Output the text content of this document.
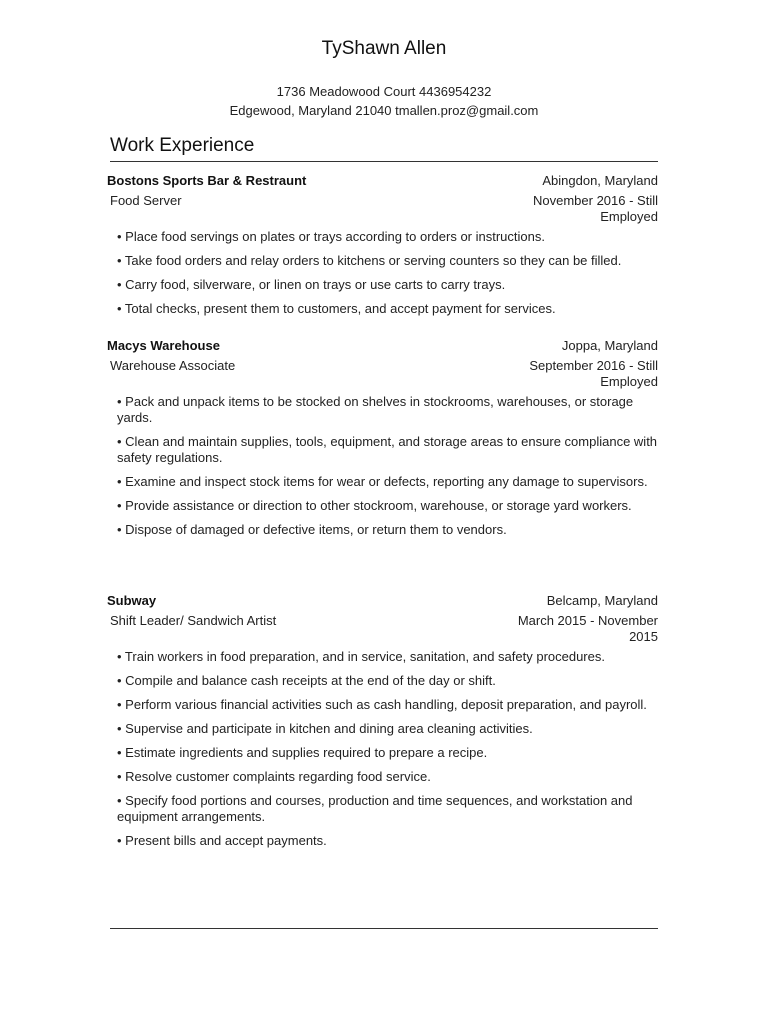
TyShawn Allen
1736 Meadowood Court 4436954232
Edgewood, Maryland 21040 tmallen.proz@gmail.com
Work Experience
Bostons Sports Bar & Restraunt	Abingdon, Maryland
Food Server	November 2016 - Still Employed
• Place food servings on plates or trays according to orders or instructions.
• Take food orders and relay orders to kitchens or serving counters so they can be filled.
• Carry food, silverware, or linen on trays or use carts to carry trays.
• Total checks, present them to customers, and accept payment for services.
Macys Warehouse	Joppa, Maryland
Warehouse Associate	September 2016 - Still Employed
• Pack and unpack items to be stocked on shelves in stockrooms, warehouses, or storage yards.
• Clean and maintain supplies, tools, equipment, and storage areas to ensure compliance with safety regulations.
• Examine and inspect stock items for wear or defects, reporting any damage to supervisors.
• Provide assistance or direction to other stockroom, warehouse, or storage yard workers.
• Dispose of damaged or defective items, or return them to vendors.
Subway	Belcamp, Maryland
Shift Leader/ Sandwich Artist	March 2015 - November 2015
• Train workers in food preparation, and in service, sanitation, and safety procedures.
• Compile and balance cash receipts at the end of the day or shift.
• Perform various financial activities such as cash handling, deposit preparation, and payroll.
• Supervise and participate in kitchen and dining area cleaning activities.
• Estimate ingredients and supplies required to prepare a recipe.
• Resolve customer complaints regarding food service.
• Specify food portions and courses, production and time sequences, and workstation and equipment arrangements.
• Present bills and accept payments.
